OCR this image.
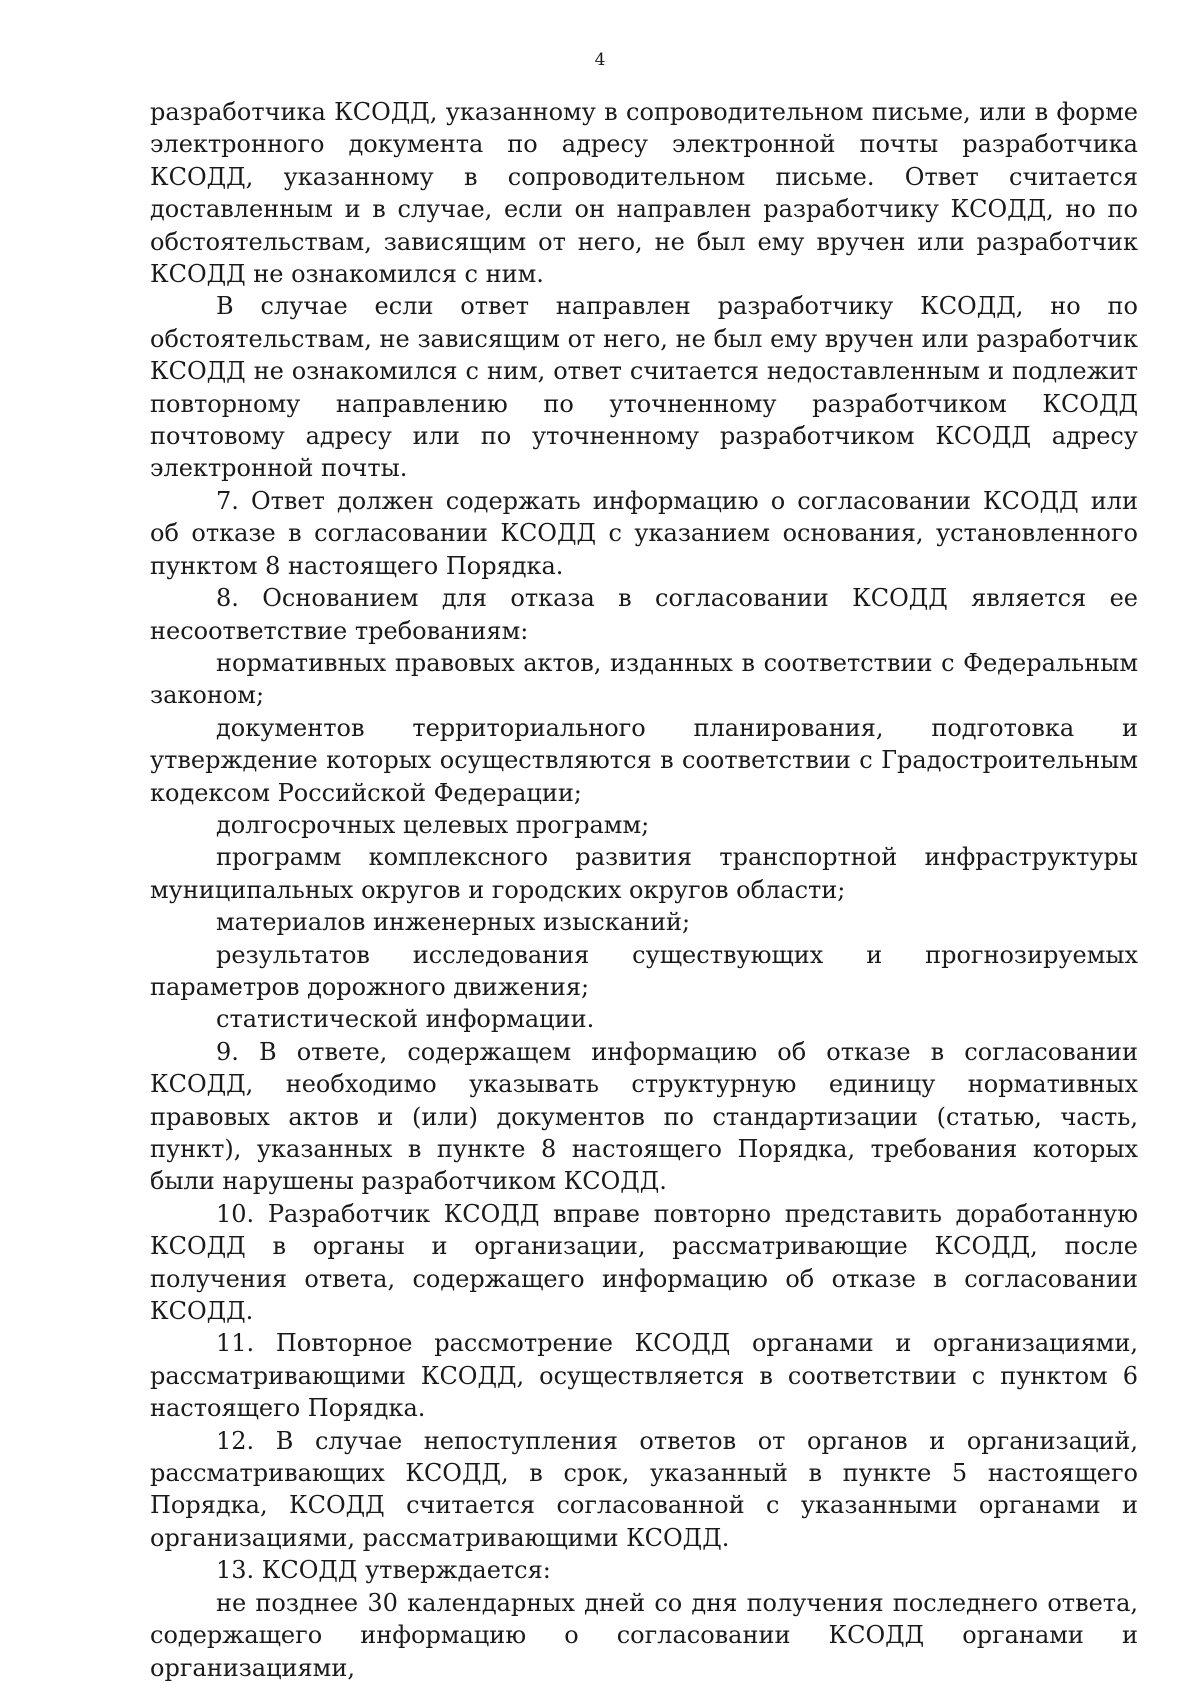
4

разработчика КСОДД, указанному в сопроводительном письме, или в форме электронного документа по адресу электронной почты разработчика КСОДД, указанному в сопроводительном письме. Ответ считается доставленным и в случае, если он направлен разработчику КСОДД, но по обстоятельствам, зависящим от него, не был ему вручен или разработчик КСОДД не ознакомился с ним.

В случае если ответ направлен разработчику КСОДД, но по обстоятельствам, не зависящим от него, не был ему вручен или разработчик КСОДД не ознакомился с ним, ответ считается недоставленным и подлежит повторному направлению по уточненному разработчиком КСОДД почтовому адресу или по уточненному разработчиком КСОДД адресу электронной почты.

7. Ответ должен содержать информацию о согласовании КСОДД или об отказе в согласовании КСОДД с указанием основания, установленного пунктом 8 настоящего Порядка.

8. Основанием для отказа в согласовании КСОДД является ее несоответствие требованиям:

нормативных правовых актов, изданных в соответствии с Федеральным законом;

документов территориального планирования, подготовка и утверждение которых осуществляются в соответствии с Градостроительным кодексом Российской Федерации;

долгосрочных целевых программ;

программ комплексного развития транспортной инфраструктуры муниципальных округов и городских округов области;

материалов инженерных изысканий;

результатов исследования существующих и прогнозируемых параметров дорожного движения;

статистической информации.

9. В ответе, содержащем информацию об отказе в согласовании КСОДД, необходимо указывать структурную единицу нормативных правовых актов и (или) документов по стандартизации (статью, часть, пункт), указанных в пункте 8 настоящего Порядка, требования которых были нарушены разработчиком КСОДД.

10. Разработчик КСОДД вправе повторно представить доработанную КСОДД в органы и организации, рассматривающие КСОДД, после получения ответа, содержащего информацию об отказе в согласовании КСОДД.

11. Повторное рассмотрение КСОДД органами и организациями, рассматривающими КСОДД, осуществляется в соответствии с пунктом 6 настоящего Порядка.

12. В случае непоступления ответов от органов и организаций, рассматривающих КСОДД, в срок, указанный в пункте 5 настоящего Порядка, КСОДД считается согласованной с указанными органами и организациями, рассматривающими КСОДД.

13. КСОДД утверждается:

не позднее 30 календарных дней со дня получения последнего ответа, содержащего информацию о согласовании КСОДД органами и организациями,
